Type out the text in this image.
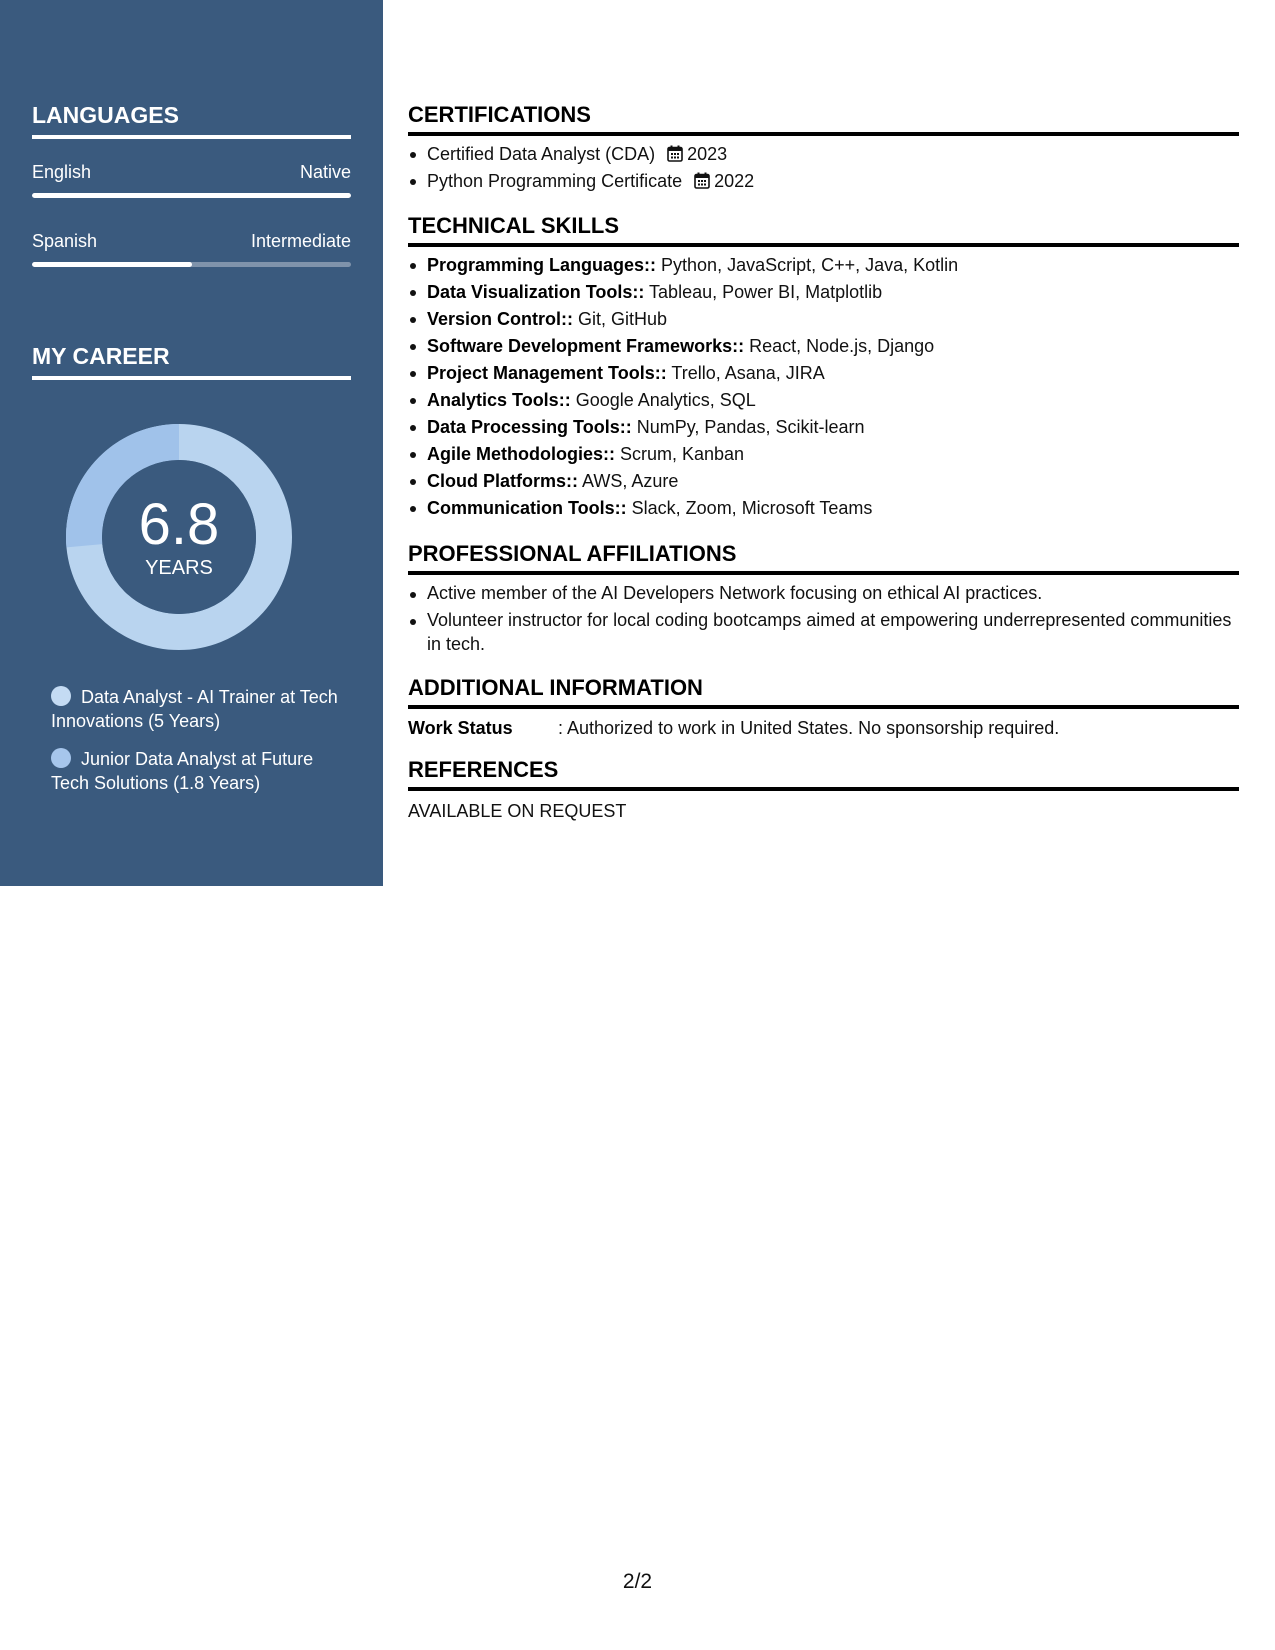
LANGUAGES
English	Native
Spanish	Intermediate
MY CAREER
6.8
YEARS
Data Analyst - AI Trainer at Tech Innovations (5 Years)
Junior Data Analyst at Future Tech Solutions (1.8 Years)
CERTIFICATIONS
Certified Data Analyst (CDA) 2023
Python Programming Certificate 2022
TECHNICAL SKILLS
Programming Languages:: Python, JavaScript, C++, Java, Kotlin
Data Visualization Tools:: Tableau, Power BI, Matplotlib
Version Control:: Git, GitHub
Software Development Frameworks:: React, Node.js, Django
Project Management Tools:: Trello, Asana, JIRA
Analytics Tools:: Google Analytics, SQL
Data Processing Tools:: NumPy, Pandas, Scikit-learn
Agile Methodologies:: Scrum, Kanban
Cloud Platforms:: AWS, Azure
Communication Tools:: Slack, Zoom, Microsoft Teams
PROFESSIONAL AFFILIATIONS
Active member of the AI Developers Network focusing on ethical AI practices.
Volunteer instructor for local coding bootcamps aimed at empowering underrepresented communities in tech.
ADDITIONAL INFORMATION
Work Status	: Authorized to work in United States. No sponsorship required.
REFERENCES
AVAILABLE ON REQUEST
2/2
